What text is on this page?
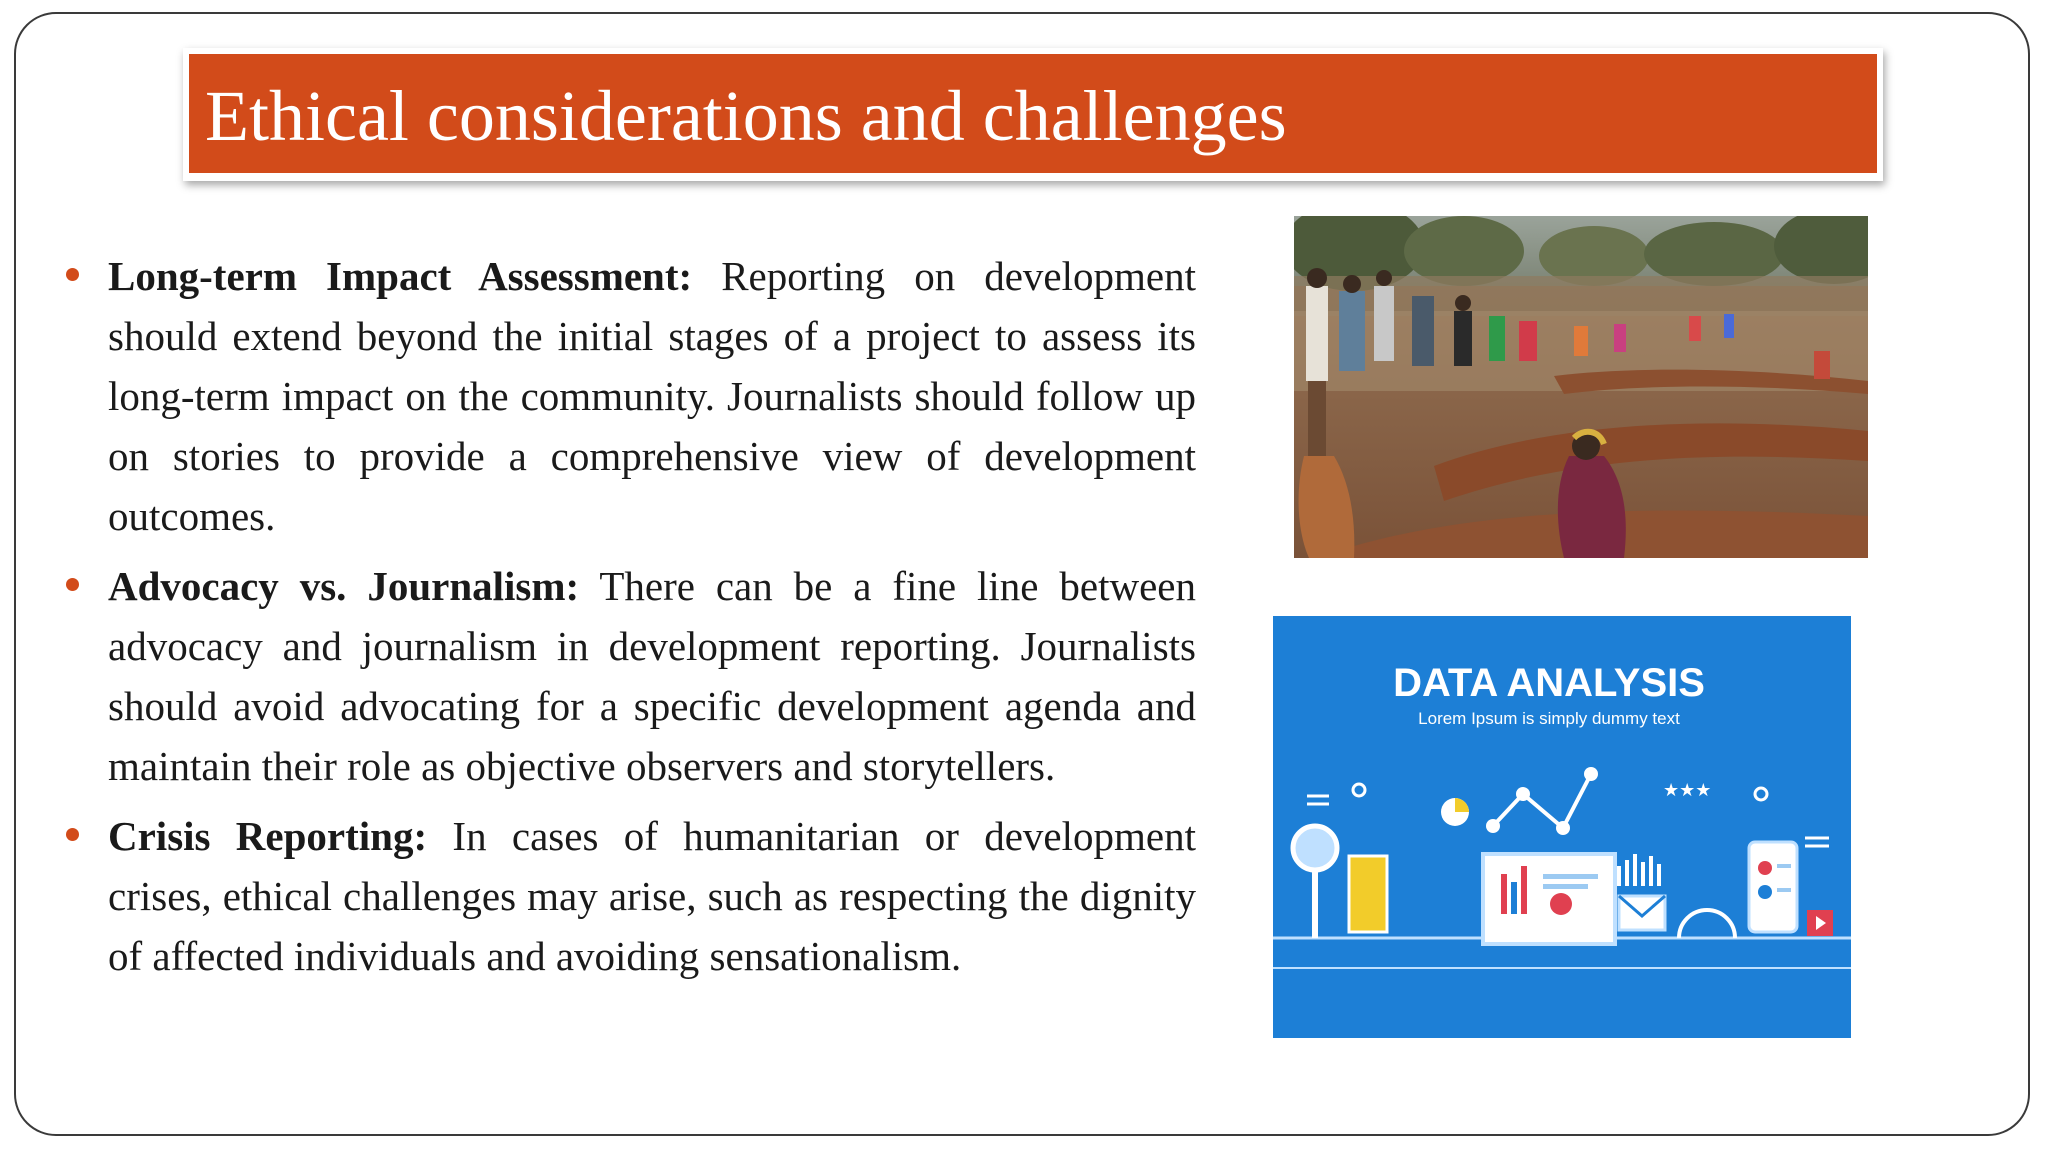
Ethical considerations and challenges
Long-term Impact Assessment: Reporting on development should extend beyond the initial stages of a project to assess its long-term impact on the community. Journalists should follow up on stories to provide a comprehensive view of development outcomes.
Advocacy vs. Journalism: There can be a fine line between advocacy and journalism in development reporting. Journalists should avoid advocating for a specific development agenda and maintain their role as objective observers and storytellers.
Crisis Reporting: In cases of humanitarian or development crises, ethical challenges may arise, such as respecting the dignity of affected individuals and avoiding sensationalism.
DATA ANALYSIS
Lorem Ipsum is simply dummy text
★★★
